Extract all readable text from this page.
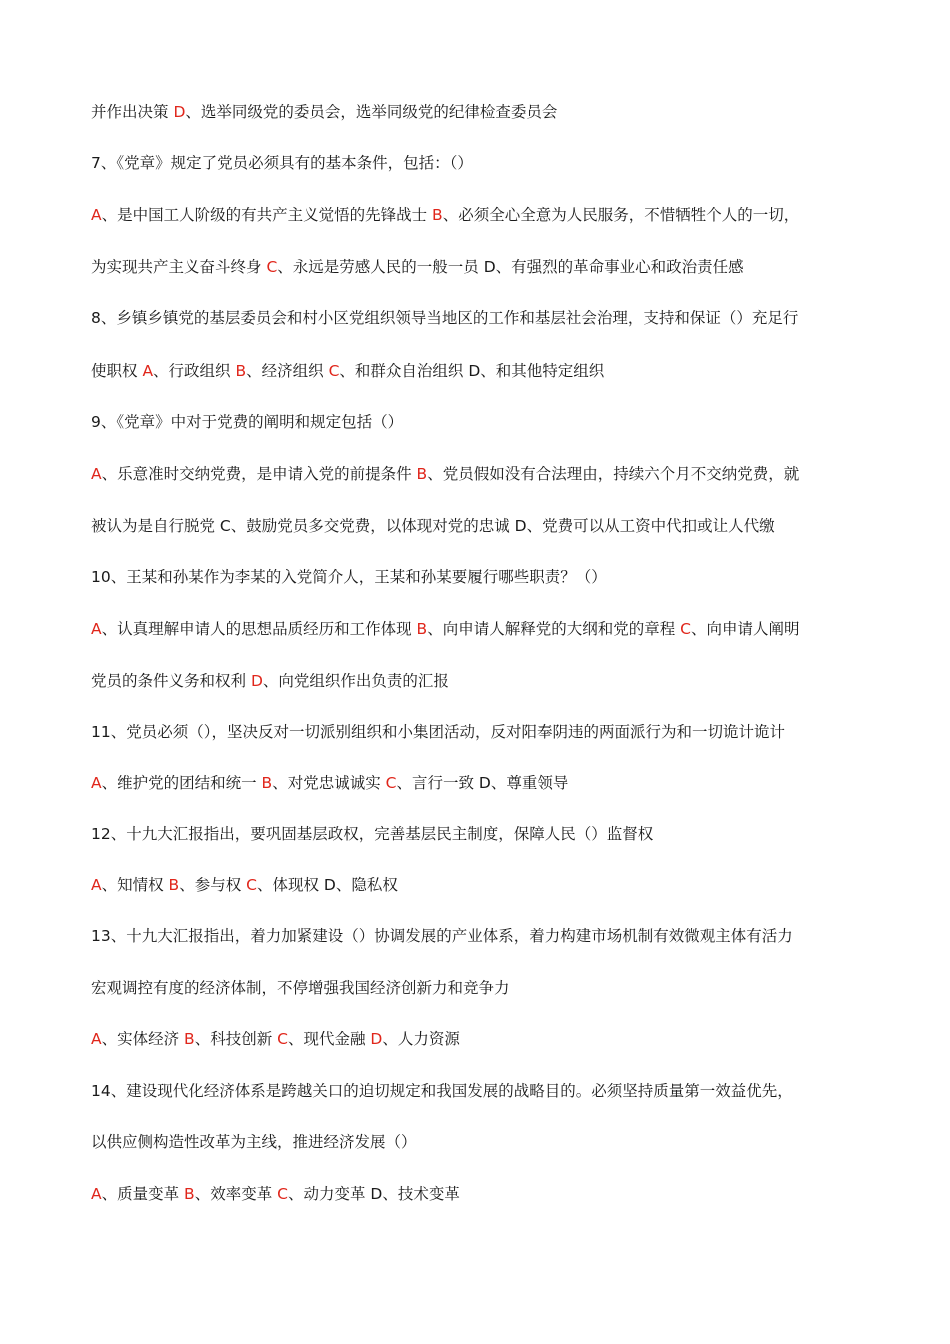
并作出决策 D、选举同级党的委员会，选举同级党的纪律检查委员会
7、《党章》规定了党员必须具有的基本条件，包括：（）
A、是中国工人阶级的有共产主义觉悟的先锋战士 B、必须全心全意为人民服务，不惜牺牲个人的一切，
为实现共产主义奋斗终身 C、永远是劳感人民的一般一员 D、有强烈的革命事业心和政治责任感
8、乡镇乡镇党的基层委员会和村小区党组织领导当地区的工作和基层社会治理，支持和保证（）充足行
使职权 A、行政组织 B、经济组织 C、和群众自治组织 D、和其他特定组织
9、《党章》中对于党费的阐明和规定包括（）
A、乐意准时交纳党费，是申请入党的前提条件 B、党员假如没有合法理由，持续六个月不交纳党费，就
被认为是自行脱党 C、鼓励党员多交党费，以体现对党的忠诚 D、党费可以从工资中代扣或让人代缴
10、王某和孙某作为李某的入党简介人，王某和孙某要履行哪些职责？（）
A、认真理解申请人的思想品质经历和工作体现 B、向申请人解释党的大纲和党的章程 C、向申请人阐明
党员的条件义务和权利 D、向党组织作出负责的汇报
11、党员必须（），坚决反对一切派别组织和小集团活动，反对阳奉阴违的两面派行为和一切诡计诡计
A、维护党的团结和统一 B、对党忠诚诚实 C、言行一致 D、尊重领导
12、十九大汇报指出，要巩固基层政权，完善基层民主制度，保障人民（）监督权
A、知情权 B、参与权 C、体现权 D、隐私权
13、十九大汇报指出，着力加紧建设（）协调发展的产业体系，着力构建市场机制有效微观主体有活力
宏观调控有度的经济体制，不停增强我国经济创新力和竞争力
A、实体经济 B、科技创新 C、现代金融 D、人力资源
14、建设现代化经济体系是跨越关口的迫切规定和我国发展的战略目的。必须坚持质量第一效益优先，
以供应侧构造性改革为主线，推进经济发展（）
A、质量变革 B、效率变革 C、动力变革 D、技术变革
